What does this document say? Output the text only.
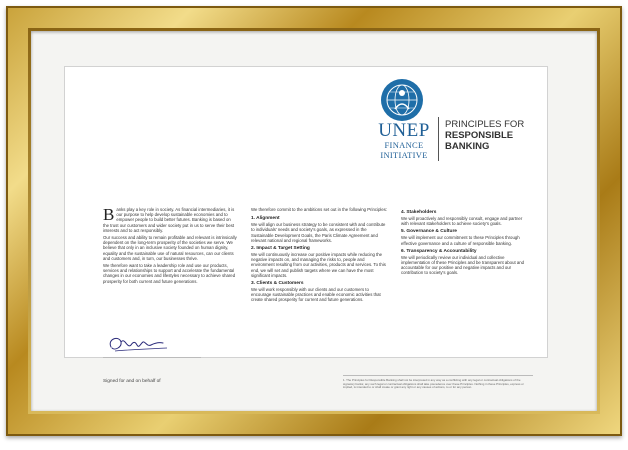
UNEP
FINANCE
INITIATIVE
PRINCIPLES FOR
RESPONSIBLE
BANKING

Banks play a key role in society. As financial intermediaries, it is our purpose to help develop sustainable economies and to empower people to build better futures. Banking is based on the trust our customers and wider society put in us to serve their best interests and to act responsibly.

Our success and ability to remain profitable and relevant is intrinsically dependent on the long-term prosperity of the societies we serve. We believe that only in an inclusive society founded on human dignity, equality and the sustainable use of natural resources, can our clients and customers and, in turn, our businesses thrive.

We therefore want to take a leadership role and use our products, services and relationships to support and accelerate the fundamental changes in our economies and lifestyles necessary to achieve shared prosperity for both current and future generations.

We therefore commit to the ambitions set out in the following Principles:

1. Alignment

We will align our business strategy to be consistent with and contribute to individuals' needs and society's goals, as expressed in the Sustainable Development Goals, the Paris Climate Agreement and relevant national and regional frameworks.

2. Impact & Target Setting

We will continuously increase our positive impacts while reducing the negative impacts on, and managing the risks to, people and environment resulting from our activities, products and services. To this end, we will set and publish targets where we can have the most significant impacts.

3. Clients & Customers

We will work responsibly with our clients and our customers to encourage sustainable practices and enable economic activities that create shared prosperity for current and future generations.

4. Stakeholders

We will proactively and responsibly consult, engage and partner with relevant stakeholders to achieve society's goals.

5. Governance & Culture

We will implement our commitment to these Principles through effective governance and a culture of responsible banking.

6. Transparency & Accountability

We will periodically review our individual and collective implementation of these Principles and be transparent about and accountable for our positive and negative impacts and our contribution to society's goals.

Signed for and on behalf of	1. The Principles for Responsible Banking shall not be interpreted in any way as a conflicting with any legal or contractual obligations of the signatory banks; any such legal or contractual obligations shall take precedence over these Principles. Nothing in these Principles, express or implied, is intended to or shall create or grant any right or any causes of actions, to or for any person.
